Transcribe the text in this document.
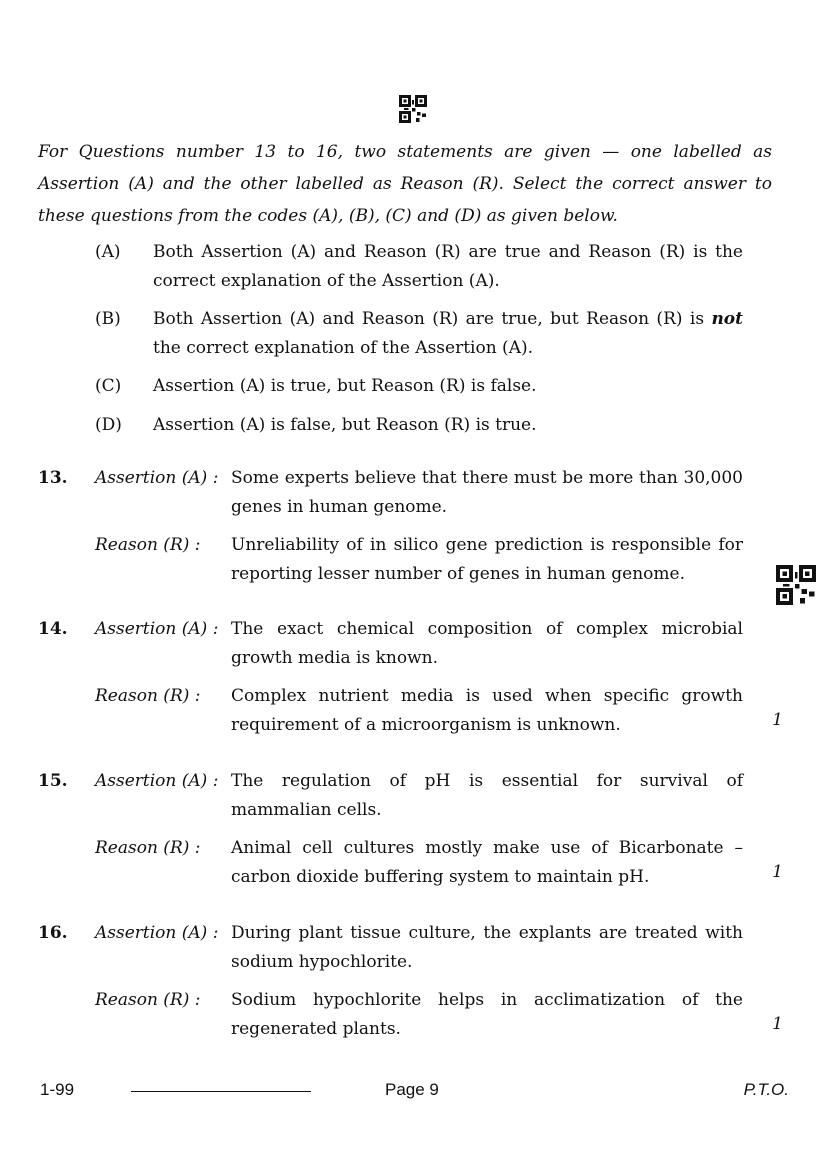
For Questions number 13 to 16, two statements are given — one labelled as Assertion (A) and the other labelled as Reason (R). Select the correct answer to these questions from the codes (A), (B), (C) and (D) as given below.
(A)	Both Assertion (A) and Reason (R) are true and Reason (R) is the correct explanation of the Assertion (A).
(B)	Both Assertion (A) and Reason (R) are true, but Reason (R) is not the correct explanation of the Assertion (A).
(C)	Assertion (A) is true, but Reason (R) is false.
(D)	Assertion (A) is false, but Reason (R) is true.
13.	Assertion (A) : Some experts believe that there must be more than 30,000 genes in human genome.
Reason (R) :	Unreliability of in silico gene prediction is responsible for reporting lesser number of genes in human genome.
14.	Assertion (A) : The exact chemical composition of complex microbial growth media is known.
Reason (R) :	Complex nutrient media is used when specific growth requirement of a microorganism is unknown.	1
15.	Assertion (A) : The regulation of pH is essential for survival of mammalian cells.
Reason (R) :	Animal cell cultures mostly make use of Bicarbonate – carbon dioxide buffering system to maintain pH.	1
16.	Assertion (A) : During plant tissue culture, the explants are treated with sodium hypochlorite.
Reason (R) :	Sodium hypochlorite helps in acclimatization of the regenerated plants.	1
1-99	Page 9	P.T.O.
